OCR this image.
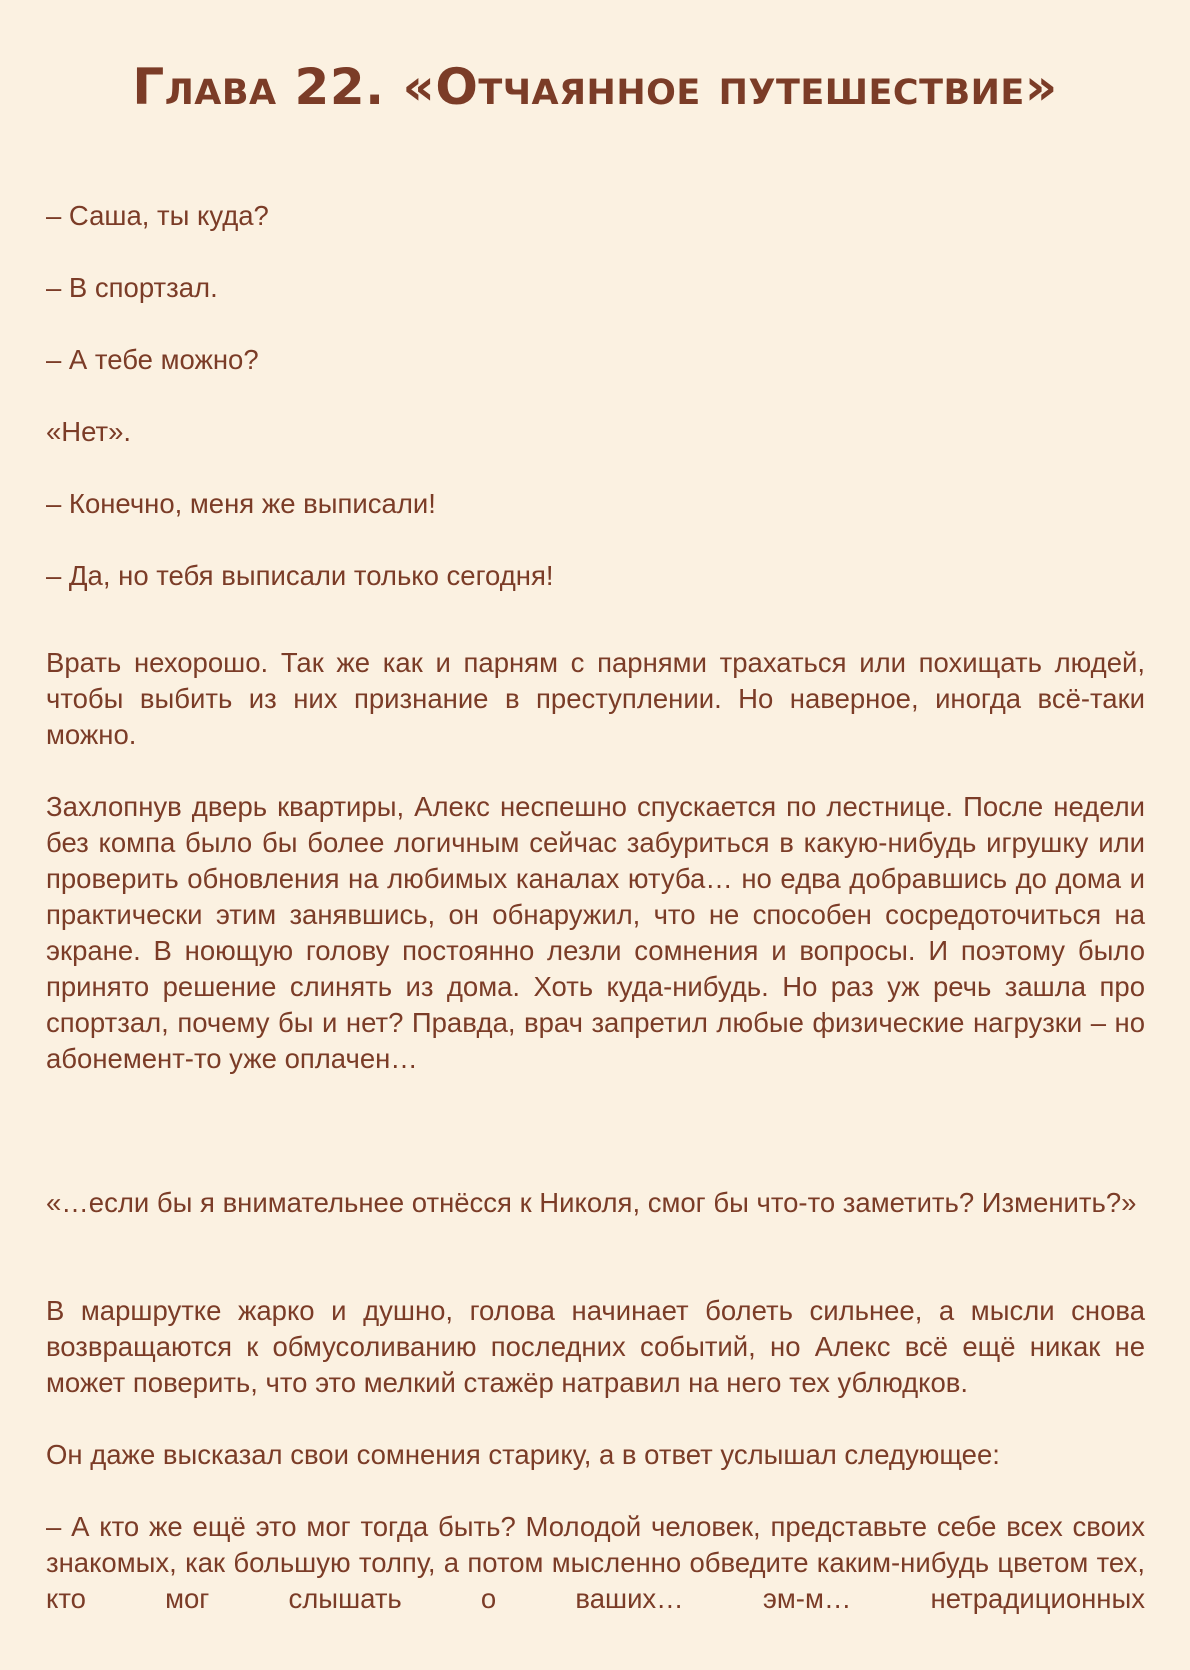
Глава 22. «Отчаянное путешествие»

– Саша, ты куда?

– В спортзал.

– А тебе можно?

«Нет».

– Конечно, меня же выписали!

– Да, но тебя выписали только сегодня!

Врать нехорошо. Так же как и парням с парнями трахаться или похищать людей, чтобы выбить из них признание в преступлении. Но наверное, иногда всё-таки можно.

Захлопнув дверь квартиры, Алекс неспешно спускается по лестнице. После недели без компа было бы более логичным сейчас забуриться в какую-нибудь игрушку или проверить обновления на любимых каналах ютуба… но едва добравшись до дома и практически этим занявшись, он обнаружил, что не способен сосредоточиться на экране. В ноющую голову постоянно лезли сомнения и вопросы. И поэтому было принято решение слинять из дома. Хоть куда-нибудь. Но раз уж речь зашла про спортзал, почему бы и нет? Правда, врач запретил любые физические нагрузки – но абонемент-то уже оплачен…

«…если бы я внимательнее отнёсся к Николя, смог бы что-то заметить? Изменить?»

В маршрутке жарко и душно, голова начинает болеть сильнее, а мысли снова возвращаются к обмусоливанию последних событий, но Алекс всё ещё никак не может поверить, что это мелкий стажёр натравил на него тех ублюдков.

Он даже высказал свои сомнения старику, а в ответ услышал следующее:

– А кто же ещё это мог тогда быть? Молодой человек, представьте себе всех своих знакомых, как большую толпу, а потом мысленно обведите каким-нибудь цветом тех, кто мог слышать о ваших… эм-м… нетрадиционных
